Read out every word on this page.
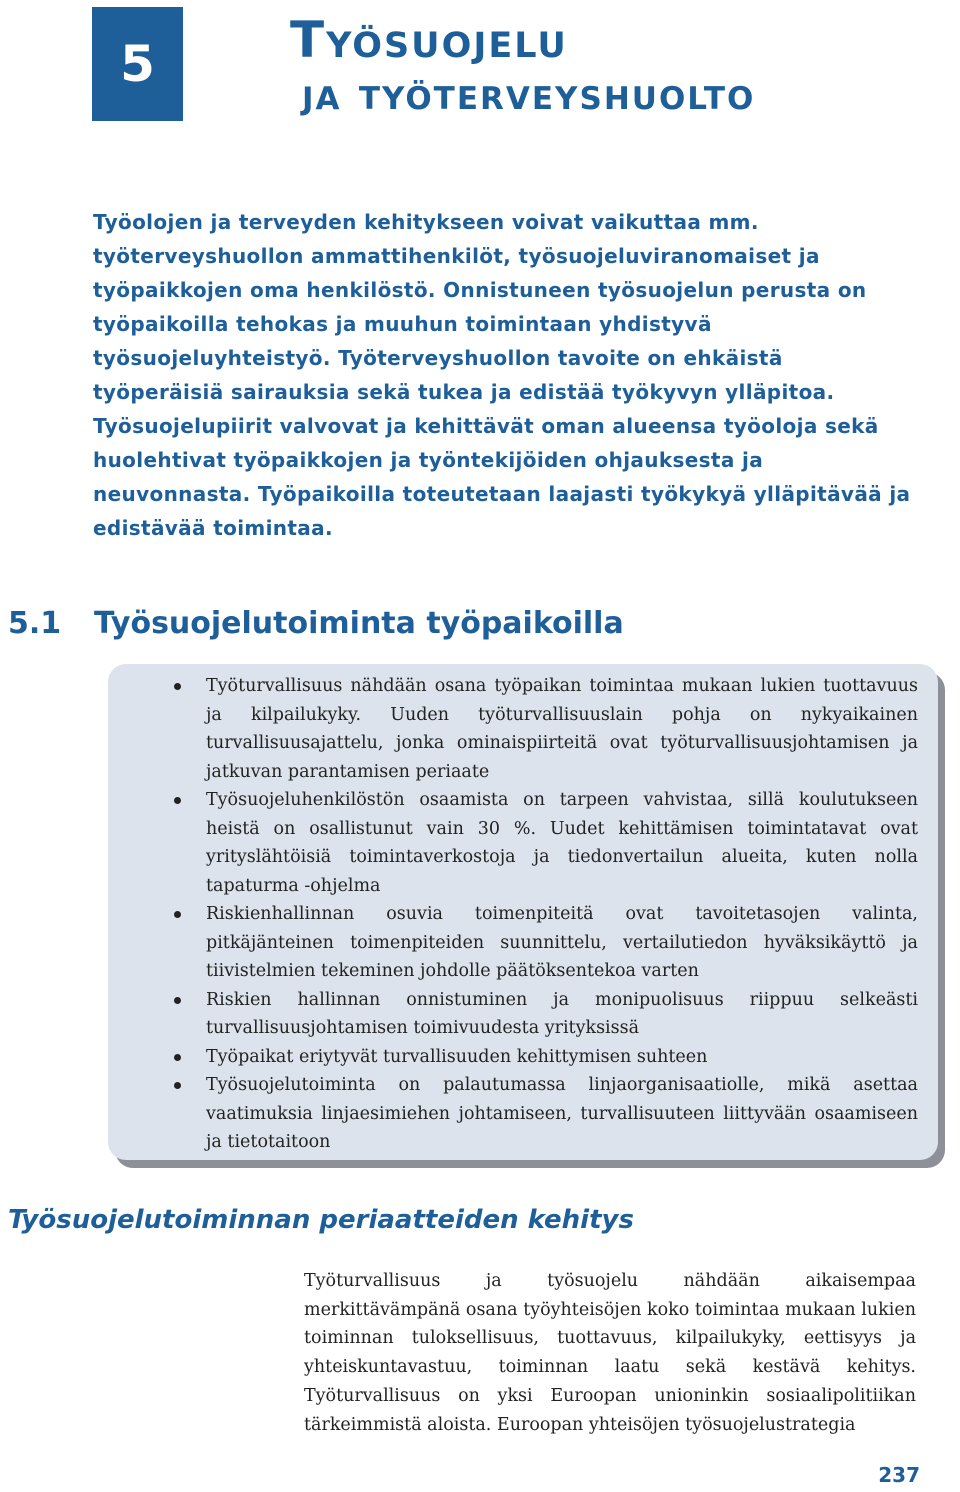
5	Työsuojelu
ja työterveyshuolto

Työolojen ja terveyden kehitykseen voivat vaikuttaa mm. työterveyshuollon ammattihenkilöt, työsuojeluviranomaiset ja työpaikkojen oma henkilöstö. Onnistuneen työsuojelun perusta on työpaikoilla tehokas ja muuhun toimintaan yhdistyvä työsuojeluyhteistyö. Työterveyshuollon tavoite on ehkäistä työperäisiä sairauksia sekä tukea ja edistää työkyvyn ylläpitoa. Työsuojelupiirit valvovat ja kehittävät oman alueensa työoloja sekä huolehtivat työpaikkojen ja työntekijöiden ohjauksesta ja neuvonnasta. Työpaikoilla toteutetaan laajasti työkykyä ylläpitävää ja edistävää toimintaa.

5.1 Työsuojelutoiminta työpaikoilla
Työturvallisuus nähdään osana työpaikan toimintaa mukaan lukien tuottavuus ja kilpailukyky. Uuden työturvallisuuslain pohja on nykyaikainen turvallisuusajattelu, jonka ominaispiirteitä ovat työturvallisuusjohtamisen ja jatkuvan parantamisen periaate
Työsuojeluhenkilöstön osaamista on tarpeen vahvistaa, sillä koulutukseen heistä on osallistunut vain 30 %. Uudet kehittämisen toimintatavat ovat yrityslähtöisiä toimintaverkostoja ja tiedonvertailun alueita, kuten nolla tapaturma -ohjelma
Riskienhallinnan osuvia toimenpiteitä ovat tavoitetasojen valinta, pitkäjänteinen toimenpiteiden suunnittelu, vertailutiedon hyväksikäyttö ja tiivistelmien tekeminen johdolle päätöksentekoa varten
Riskien hallinnan onnistuminen ja monipuolisuus riippuu selkeästi turvallisuusjohtamisen toimivuudesta yrityksissä
Työpaikat eriytyvät turvallisuuden kehittymisen suhteen
Työsuojelutoiminta on palautumassa linjaorganisaatiolle, mikä asettaa vaatimuksia linjaesimiehen johtamiseen, turvallisuuteen liittyvään osaamiseen ja tietotaitoon
Työsuojelutoiminnan periaatteiden kehitys

Työturvallisuus ja työsuojelu nähdään aikaisempaa merkittävämpänä osana työyhteisöjen koko toimintaa mukaan lukien toiminnan tuloksellisuus, tuottavuus, kilpailukyky, eettisyys ja yhteiskuntavastuu, toiminnan laatu sekä kestävä kehitys. Työturvallisuus on yksi Euroopan unioninkin sosiaalipolitiikan tärkeimmistä aloista. Euroopan yhteisöjen työsuojelustrategia

237
